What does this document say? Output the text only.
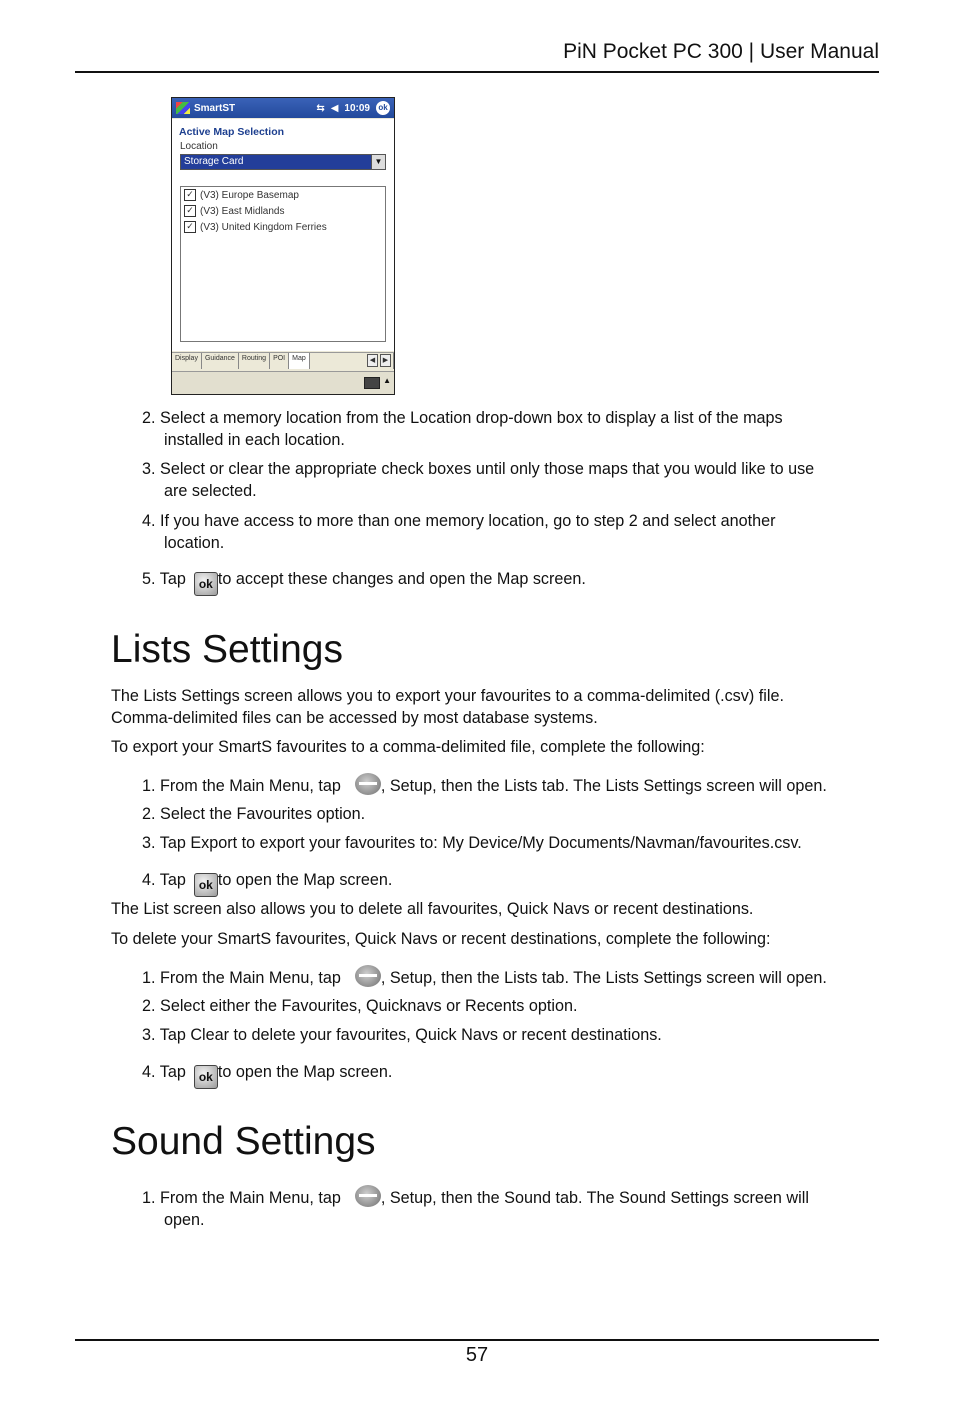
PiN Pocket PC 300 | User Manual
SmartST	⇆ ◀ 10:09 ok
Active Map Selection
Location
Storage Card	▼
✓ (V3) Europe Basemap
✓ (V3) East Midlands
✓ (V3) United Kingdom Ferries
Display	Guidance	Routing	POI	Map	◀	▶
▲
2. Select a memory location from the Location drop-down box to display a list of the maps
installed in each location.
3. Select or clear the appropriate check boxes until only those maps that you would like to use
are selected.
4. If you have access to more than one memory location, go to step 2 and select another
location.
5. Tap ok to accept these changes and open the Map screen.
Lists Settings
The Lists Settings screen allows you to export your favourites to a comma-delimited (.csv) file.
Comma-delimited files can be accessed by most database systems.
To export your SmartS favourites to a comma-delimited file, complete the following:
1. From the Main Menu, tap , Setup, then the Lists tab. The Lists Settings screen will open.
2. Select the Favourites option.
3. Tap Export to export your favourites to: My Device/My Documents/Navman/favourites.csv.
4. Tap ok to open the Map screen.
The List screen also allows you to delete all favourites, Quick Navs or recent destinations.
To delete your SmartS favourites, Quick Navs or recent destinations, complete the following:
1. From the Main Menu, tap , Setup, then the Lists tab. The Lists Settings screen will open.
2. Select either the Favourites, Quicknavs or Recents option.
3. Tap Clear to delete your favourites, Quick Navs or recent destinations.
4. Tap ok to open the Map screen.
Sound Settings
1. From the Main Menu, tap , Setup, then the Sound tab. The Sound Settings screen will
open.
57
